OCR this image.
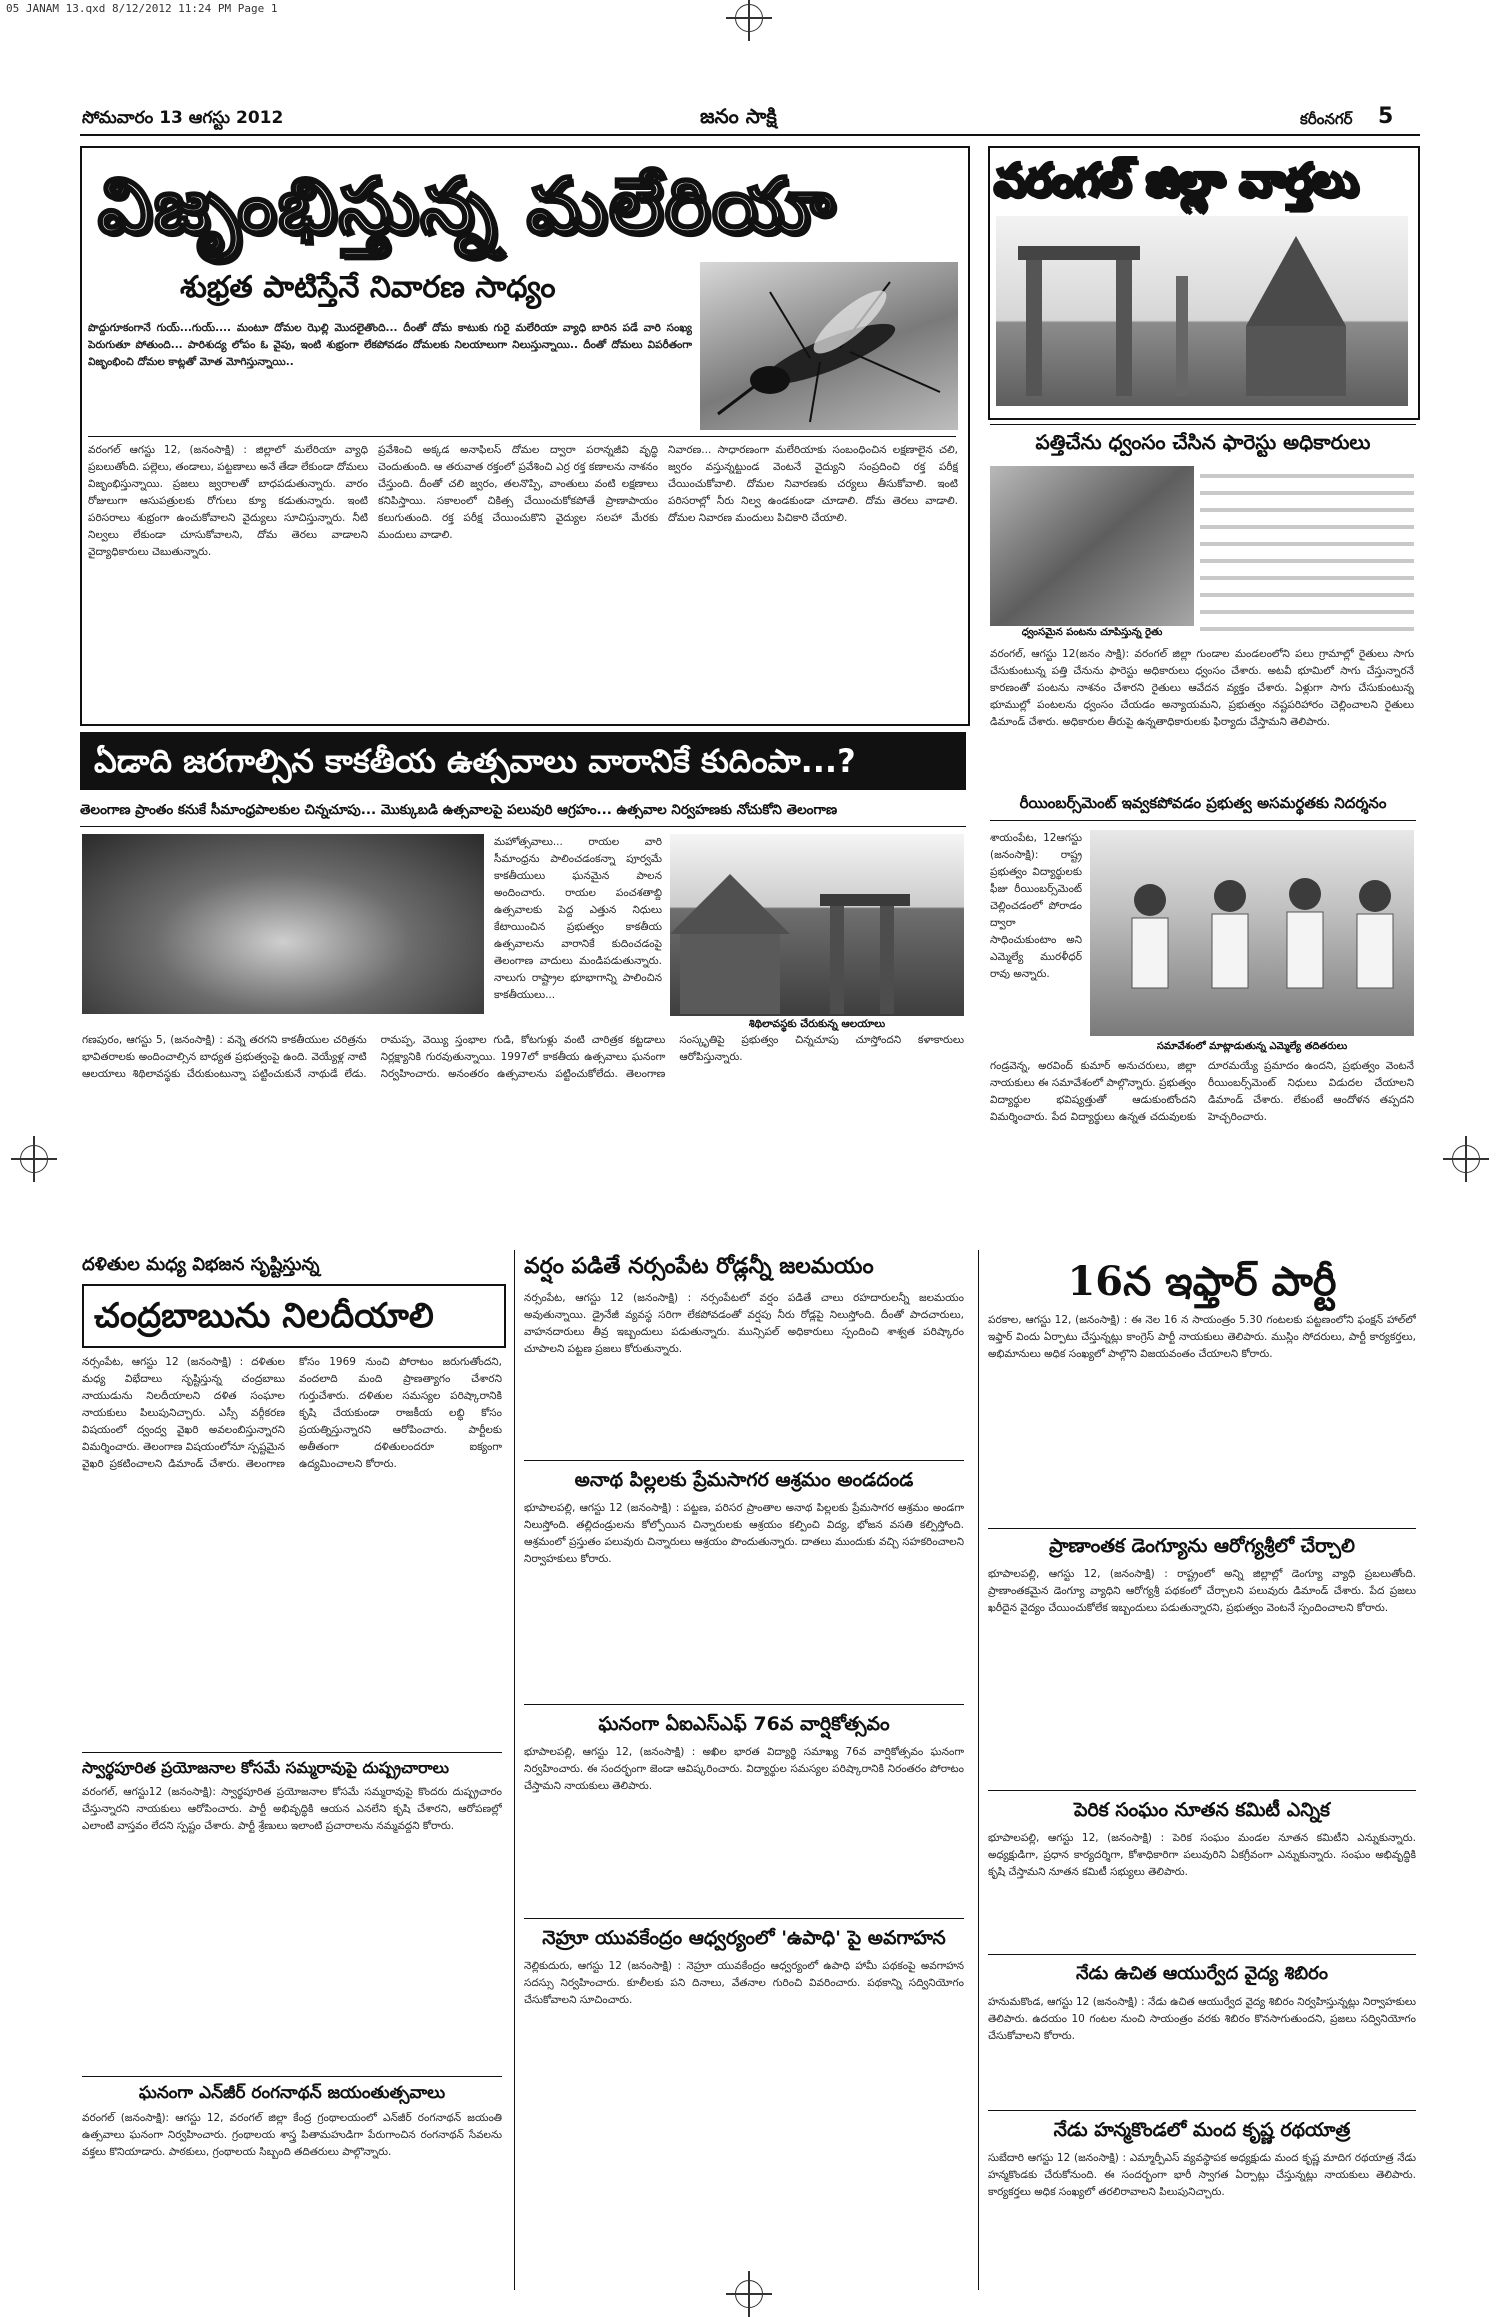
05 JANAM 13.qxd 8/12/2012 11:24 PM Page 1
సోమవారం 13 ఆగస్టు 2012	జనం సాక్షి	కరీంనగర్ 5
విజృంభిస్తున్న మలేరియా
శుభ్రత పాటిస్తేనే నివారణ సాధ్యం
పొద్దుగూకంగానే గుయ్‌...గుయ్‌.... మంటూ దోమల ఝెల్లి మొదలైతొంది... దీంతో దోమ కాటుకు గురై మలేరియా వ్యాధి బారిన పడే వారి సంఖ్య పెరుగుతూ పోతుంది... పారిశుద్య లోపం ఓ వైపు, ఇంటి శుభ్రంగా లేకపోవడం దోమలకు నిలయాలుగా నిలుస్తున్నాయి.. దీంతో దోమలు విపరీతంగా విజృంభించి దోమల కాట్లతో మోత మోగిస్తున్నాయి..
వరంగల్‌ ఆగస్టు 12, (జనంసాక్షి) : జిల్లాలో మలేరియా వ్యాధి ప్రబలుతోంది. పల్లెలు, తండాలు, పట్టణాలు అనే తేడా లేకుండా దోమలు విజృంభిస్తున్నాయి. ప్రజలు జ్వరాలతో బాధపడుతున్నారు. వారం రోజులుగా ఆసుపత్రులకు రోగులు క్యూ కడుతున్నారు. ఇంటి పరిసరాలు శుభ్రంగా ఉంచుకోవాలని వైద్యులు సూచిస్తున్నారు. నీటి నిల్వలు లేకుండా చూసుకోవాలని, దోమ తెరలు వాడాలని వైద్యాధికారులు చెబుతున్నారు.
ప్రవేశించి అక్కడ అనాఫిలస్‌ దోమల ద్వారా పరాన్నజీవి వృద్ధి చెందుతుంది. ఆ తరువాత రక్తంలో ప్రవేశించి ఎర్ర రక్త కణాలను నాశనం చేస్తుంది. దీంతో చలి జ్వరం, తలనొప్పి, వాంతులు వంటి లక్షణాలు కనిపిస్తాయి. సకాలంలో చికిత్స చేయించుకోకపోతే ప్రాణాపాయం కలుగుతుంది. రక్త పరీక్ష చేయించుకొని వైద్యుల సలహా మేరకు మందులు వాడాలి.
నివారణ... సాధారణంగా మలేరియాకు సంబంధించిన లక్షణాలైన చలి, జ్వరం వస్తున్నట్టుండ వెంటనే వైద్యుని సంప్రదించి రక్త పరీక్ష చేయించుకోవాలి. దోమల నివారణకు చర్యలు తీసుకోవాలి. ఇంటి పరిసరాల్లో నీరు నిల్వ ఉండకుండా చూడాలి. దోమ తెరలు వాడాలి. దోమల నివారణ మందులు పిచికారి చేయాలి.
వరంగల్‌ జిల్లా వార్తలు
పత్తిచేను ధ్వంసం చేసిన ఫారెస్టు అధికారులు
ధ్వంసమైన పంటను చూపిస్తున్న రైతు
వరంగల్‌, ఆగస్టు 12(జనం సాక్షి): వరంగల్‌ జిల్లా గుండాల మండలంలోని పలు గ్రామాల్లో రైతులు సాగు చేసుకుంటున్న పత్తి చేనును ఫారెస్టు అధికారులు ధ్వంసం చేశారు. అటవీ భూమిలో సాగు చేస్తున్నారనే కారణంతో పంటను నాశనం చేశారని రైతులు ఆవేదన వ్యక్తం చేశారు. ఏళ్లుగా సాగు చేసుకుంటున్న భూముల్లో పంటలను ధ్వంసం చేయడం అన్యాయమని, ప్రభుత్వం నష్టపరిహారం చెల్లించాలని రైతులు డిమాండ్‌ చేశారు. అధికారుల తీరుపై ఉన్నతాధికారులకు ఫిర్యాదు చేస్తామని తెలిపారు.
ఏడాది జరగాల్సిన కాకతీయ ఉత్సవాలు వారానికే కుదింపా...?
తెలంగాణ ప్రాంతం కనుకే సీమాంధ్రపాలకుల చిన్నచూపు... మొక్కుబడి ఉత్సవాలపై పలువురి ఆగ్రహం... ఉత్సవాల నిర్వహణకు నోచుకోని తెలంగాణ
మహోత్సవాలు... రాయల వారి సీమాంధ్రను పాలించడంకన్నా పూర్వమే కాకతీయులు ఘనమైన పాలన అందించారు. రాయల పంచశతాబ్ది ఉత్సవాలకు పెద్ద ఎత్తున నిధులు కేటాయించిన ప్రభుత్వం కాకతీయ ఉత్సవాలను వారానికే కుదించడంపై తెలంగాణ వాదులు మండిపడుతున్నారు. నాలుగు రాష్ట్రాల భూభాగాన్ని పాలించిన కాకతీయులు...
శిథిలావస్థకు చేరుకున్న ఆలయాలు
గణపురం, ఆగస్టు 5, (జనంసాక్షి) : వన్నె తరగని కాకతీయుల చరిత్రను భావితరాలకు అందించాల్సిన బాధ్యత ప్రభుత్వంపై ఉంది. వెయ్యేళ్ల నాటి ఆలయాలు శిథిలావస్థకు చేరుకుంటున్నా పట్టించుకునే నాథుడే లేడు. రామప్ప, వెయ్యి స్తంభాల గుడి, కోటగుళ్లు వంటి చారిత్రక కట్టడాలు నిర్లక్ష్యానికి గురవుతున్నాయి. 1997లో కాకతీయ ఉత్సవాలు ఘనంగా నిర్వహించారు. అనంతరం ఉత్సవాలను పట్టించుకోలేదు. తెలంగాణ సంస్కృతిపై ప్రభుత్వం చిన్నచూపు చూస్తోందని కళాకారులు ఆరోపిస్తున్నారు.
రీయింబర్స్‌మెంట్‌ ఇవ్వకపోవడం ప్రభుత్వ అసమర్థతకు నిదర్శనం
శాయంపేట, 12ఆగస్టు (జనంసాక్షి): రాష్ట్ర ప్రభుత్వం విద్యార్థులకు ఫీజు రీయింబర్స్‌మెంట్‌ చెల్లించడంలో పోరాడం ద్వారా సాధించుకుంటాం అని ఎమ్మెల్యే మురళీధర్‌ రావు అన్నారు.
సమావేశంలో మాట్లాడుతున్న ఎమ్మెల్యే తదితరులు
గండ్రవెన్న, అరవింద్‌ కుమార్‌ అనుచరులు, జిల్లా నాయకులు ఈ సమావేశంలో పాల్గొన్నారు. ప్రభుత్వం విద్యార్థుల భవిష్యత్తుతో ఆడుకుంటోందని విమర్శించారు. పేద విద్యార్థులు ఉన్నత చదువులకు దూరమయ్యే ప్రమాదం ఉందని, ప్రభుత్వం వెంటనే రీయింబర్స్‌మెంట్‌ నిధులు విడుదల చేయాలని డిమాండ్‌ చేశారు. లేకుంటే ఆందోళన తప్పదని హెచ్చరించారు.
దళితుల మధ్య విభజన సృష్టిస్తున్న
చంద్రబాబును నిలదీయాలి
నర్సంపేట, ఆగస్టు 12 (జనంసాక్షి) : దళితుల మధ్య విభేదాలు సృష్టిస్తున్న చంద్రబాబు నాయుడును నిలదీయాలని దళిత సంఘాల నాయకులు పిలుపునిచ్చారు. ఎస్సీ వర్గీకరణ విషయంలో ద్వంద్వ వైఖరి అవలంబిస్తున్నారని విమర్శించారు. తెలంగాణ విషయంలోనూ స్పష్టమైన వైఖరి ప్రకటించాలని డిమాండ్‌ చేశారు. తెలంగాణ కోసం 1969 నుంచి పోరాటం జరుగుతోందని, వందలాది మంది ప్రాణత్యాగం చేశారని గుర్తుచేశారు. దళితుల సమస్యల పరిష్కారానికి కృషి చేయకుండా రాజకీయ లబ్ధి కోసం ప్రయత్నిస్తున్నారని ఆరోపించారు. పార్టీలకు అతీతంగా దళితులందరూ ఐక్యంగా ఉద్యమించాలని కోరారు.
వర్షం పడితే నర్సంపేట రోడ్లన్నీ జలమయం
నర్సంపేట, ఆగస్టు 12 (జనంసాక్షి) : నర్సంపేటలో వర్షం పడితే చాలు రహదారులన్నీ జలమయం అవుతున్నాయి. డ్రైనేజీ వ్యవస్థ సరిగా లేకపోవడంతో వర్షపు నీరు రోడ్లపై నిలుస్తోంది. దీంతో పాదచారులు, వాహనదారులు తీవ్ర ఇబ్బందులు పడుతున్నారు. మున్సిపల్‌ అధికారులు స్పందించి శాశ్వత పరిష్కారం చూపాలని పట్టణ ప్రజలు కోరుతున్నారు.
అనాథ పిల్లలకు ప్రేమసాగర ఆశ్రమం అండదండ
భూపాలపల్లి, ఆగస్టు 12 (జనంసాక్షి) : పట్టణ, పరిసర ప్రాంతాల అనాథ పిల్లలకు ప్రేమసాగర ఆశ్రమం అండగా నిలుస్తోంది. తల్లిదండ్రులను కోల్పోయిన చిన్నారులకు ఆశ్రయం కల్పించి విద్య, భోజన వసతి కల్పిస్తోంది. ఆశ్రమంలో ప్రస్తుతం పలువురు చిన్నారులు ఆశ్రయం పొందుతున్నారు. దాతలు ముందుకు వచ్చి సహకరించాలని నిర్వాహకులు కోరారు.
ఘనంగా ఏఐఎస్‌ఎఫ్‌ 76వ వార్షికోత్సవం
భూపాలపల్లి, ఆగస్టు 12, (జనంసాక్షి) : అఖిల భారత విద్యార్థి సమాఖ్య 76వ వార్షికోత్సవం ఘనంగా నిర్వహించారు. ఈ సందర్భంగా జెండా ఆవిష్కరించారు. విద్యార్థుల సమస్యల పరిష్కారానికి నిరంతరం పోరాటం చేస్తామని నాయకులు తెలిపారు.
నెహ్రూ యువకేంద్రం ఆధ్వర్యంలో 'ఉపాధి' పై అవగాహన
నెల్లికుదురు, ఆగస్టు 12 (జనంసాక్షి) : నెహ్రూ యువకేంద్రం ఆధ్వర్యంలో ఉపాధి హామీ పథకంపై అవగాహన సదస్సు నిర్వహించారు. కూలీలకు పని దినాలు, వేతనాల గురించి వివరించారు. పథకాన్ని సద్వినియోగం చేసుకోవాలని సూచించారు.
స్వార్థపూరిత ప్రయోజనాల కోసమే సమ్మరావుపై దుష్ప్రచారాలు
వరంగల్‌, ఆగస్టు12 (జనంసాక్షి): స్వార్థపూరిత ప్రయోజనాల కోసమే సమ్మరావుపై కొందరు దుష్ప్రచారం చేస్తున్నారని నాయకులు ఆరోపించారు. పార్టీ అభివృద్ధికి ఆయన ఎనలేని కృషి చేశారని, ఆరోపణల్లో ఎలాంటి వాస్తవం లేదని స్పష్టం చేశారు. పార్టీ శ్రేణులు ఇలాంటి ప్రచారాలను నమ్మవద్దని కోరారు.
ఘనంగా ఎన్‌జీర్‌ రంగనాథన్‌ జయంతుత్సవాలు
వరంగల్‌ (జనంసాక్షి): ఆగస్టు 12, వరంగల్‌ జిల్లా కేంద్ర గ్రంథాలయంలో ఎన్‌జీర్‌ రంగనాథన్‌ జయంతి ఉత్సవాలు ఘనంగా నిర్వహించారు. గ్రంథాలయ శాస్త్ర పితామహుడిగా పేరుగాంచిన రంగనాథన్‌ సేవలను వక్తలు కొనియాడారు. పాఠకులు, గ్రంథాలయ సిబ్బంది తదితరులు పాల్గొన్నారు.
16న ఇఫ్తార్‌ పార్టీ
పరకాల, ఆగస్టు 12, (జనంసాక్షి) : ఈ నెల 16 న సాయంత్రం 5.30 గంటలకు పట్టణంలోని ఫంక్షన్‌ హాల్‌లో ఇఫ్తార్‌ విందు ఏర్పాటు చేస్తున్నట్లు కాంగ్రెస్‌ పార్టీ నాయకులు తెలిపారు. ముస్లిం సోదరులు, పార్టీ కార్యకర్తలు, అభిమానులు అధిక సంఖ్యలో పాల్గొని విజయవంతం చేయాలని కోరారు.
ప్రాణాంతక డెంగ్యూను ఆరోగ్యశ్రీలో చేర్చాలి
భూపాలపల్లి, ఆగస్టు 12, (జనంసాక్షి) : రాష్ట్రంలో అన్ని జిల్లాల్లో డెంగ్యూ వ్యాధి ప్రబలుతోంది. ప్రాణాంతకమైన డెంగ్యూ వ్యాధిని ఆరోగ్యశ్రీ పథకంలో చేర్చాలని పలువురు డిమాండ్‌ చేశారు. పేద ప్రజలు ఖరీదైన వైద్యం చేయించుకోలేక ఇబ్బందులు పడుతున్నారని, ప్రభుత్వం వెంటనే స్పందించాలని కోరారు.
పెరిక సంఘం నూతన కమిటీ ఎన్నిక
భూపాలపల్లి, ఆగస్టు 12, (జనంసాక్షి) : పెరిక సంఘం మండల నూతన కమిటీని ఎన్నుకున్నారు. అధ్యక్షుడిగా, ప్రధాన కార్యదర్శిగా, కోశాధికారిగా పలువురిని ఏకగ్రీవంగా ఎన్నుకున్నారు. సంఘం అభివృద్ధికి కృషి చేస్తామని నూతన కమిటీ సభ్యులు తెలిపారు.
నేడు ఉచిత ఆయుర్వేద వైద్య శిబిరం
హనుమకొండ, ఆగస్టు 12 (జనంసాక్షి) : నేడు ఉచిత ఆయుర్వేద వైద్య శిబిరం నిర్వహిస్తున్నట్లు నిర్వాహకులు తెలిపారు. ఉదయం 10 గంటల నుంచి సాయంత్రం వరకు శిబిరం కొనసాగుతుందని, ప్రజలు సద్వినియోగం చేసుకోవాలని కోరారు.
నేడు హన్మకొండలో మంద కృష్ణ రథయాత్ర
సుబేదారి ఆగస్టు 12 (జనంసాక్షి) : ఎమ్మార్పీఎస్‌ వ్యవస్థాపక అధ్యక్షుడు మంద కృష్ణ మాదిగ రథయాత్ర నేడు హన్మకొండకు చేరుకోనుంది. ఈ సందర్భంగా భారీ స్వాగత ఏర్పాట్లు చేస్తున్నట్లు నాయకులు తెలిపారు. కార్యకర్తలు అధిక సంఖ్యలో తరలిరావాలని పిలుపునిచ్చారు.
